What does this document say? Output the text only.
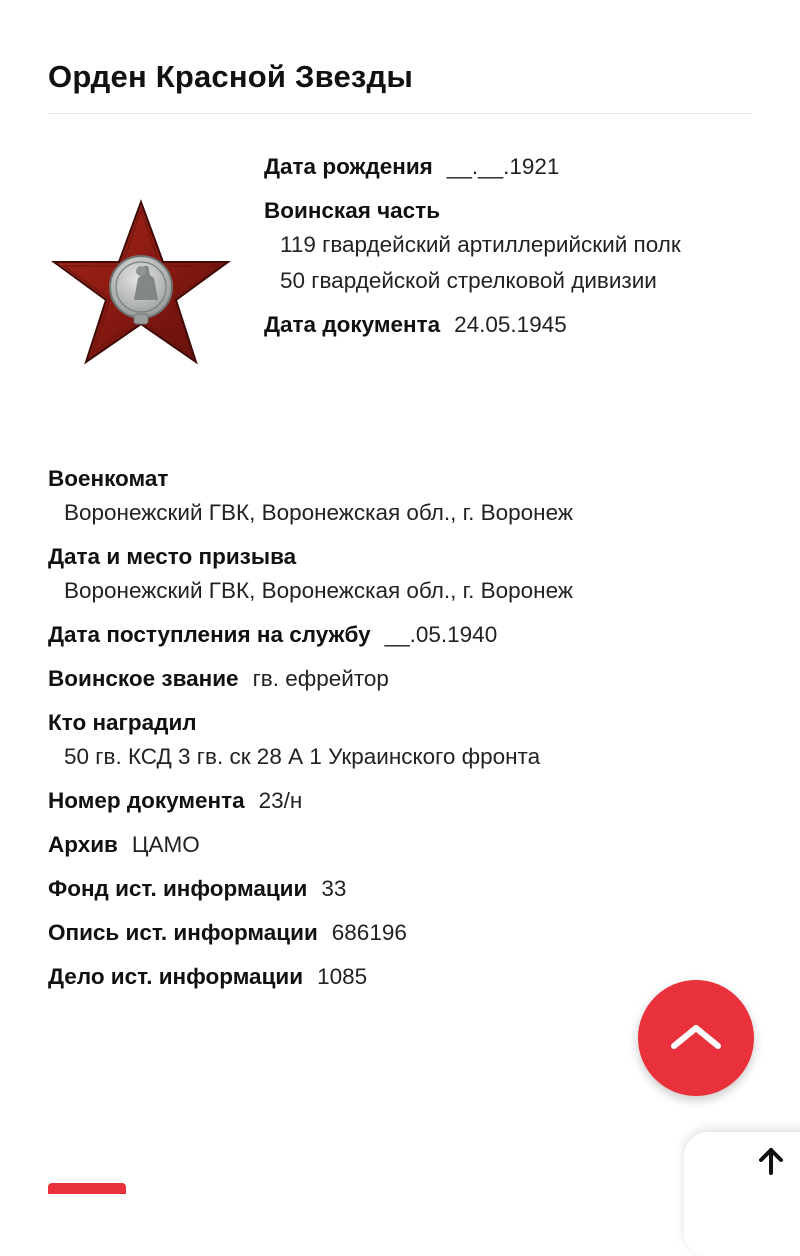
Орден Красной Звезды
Дата рождения __.__.1921
Воинская часть
119 гвардейский артиллерийский полк 50 гвардейской стрелковой дивизии
Дата документа 24.05.1945
Военкомат
Воронежский ГВК, Воронежская обл., г. Воронеж
Дата и место призыва
Воронежский ГВК, Воронежская обл., г. Воронеж
Дата поступления на службу __.05.1940
Воинское звание гв. ефрейтор
Кто наградил
50 гв. КСД 3 гв. ск 28 А 1 Украинского фронта
Номер документа 23/н
Архив ЦАМО
Фонд ист. информации 33
Опись ист. информации 686196
Дело ист. информации 1085
